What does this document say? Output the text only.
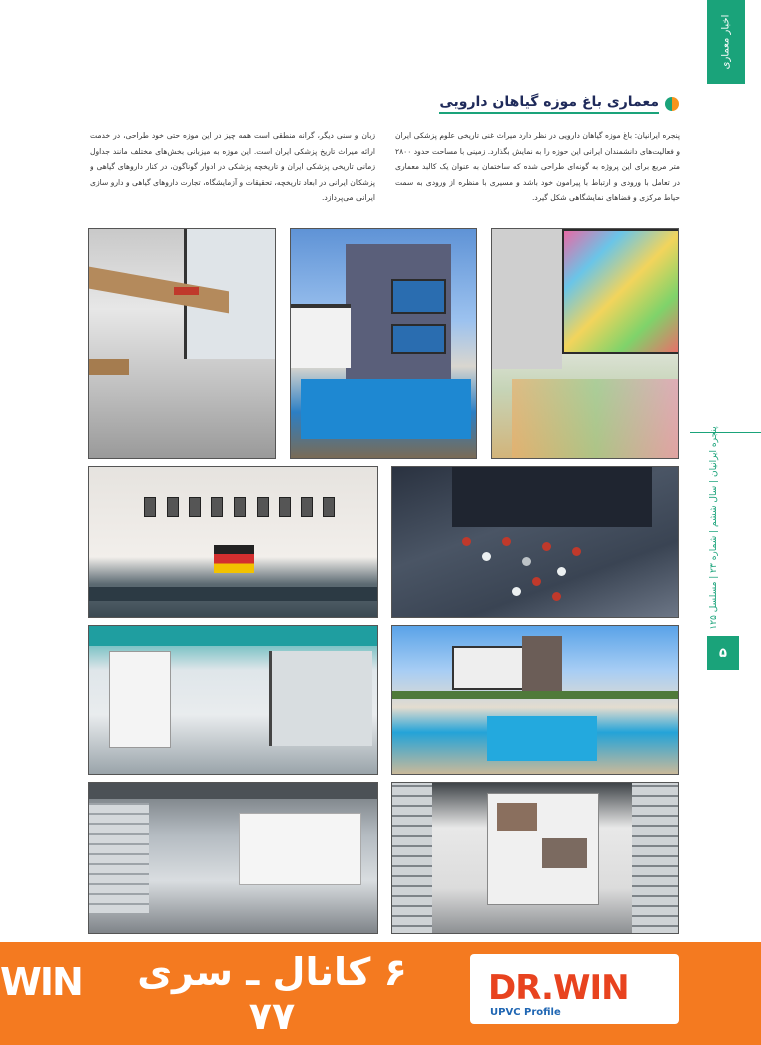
اخبار معماری
پنجره ایرانیان | سال ششم | شماره ۲۳ | مسلسل ۱۲۵
۵
معماری باغ موزه گیاهان دارویی
پنجره ایرانیان: باغ موزه گیاهان دارویی در نظر دارد میراث غنی تاریخی علوم پزشکی ایران و فعالیت‌های دانشمندان ایرانی این حوزه را به نمایش بگذارد. زمینی با مساحت حدود ۲۸۰۰ متر مربع برای این پروژه به گونه‌ای طراحی شده که ساختمان به عنوان یک کالبد معماری در تعامل با ورودی و ارتباط با پیرامون خود باشد و مسیری با منظره از ورودی به سمت حیاط مرکزی و فضاهای نمایشگاهی شکل گیرد.
زبان و سنی دیگر، گرانه منطقی است همه چیز در این موزه حتی خود طراحی، در خدمت ارائه میراث تاریخ پزشکی ایران است. این موزه به میزبانی بخش‌های مختلف مانند جداول زمانی تاریخی پزشکی ایران و تاریخچه پزشکی در ادوار گوناگون، در کنار داروهای گیاهی و پزشکان ایرانی در ابعاد تاریخچه، تحقیقات و آزمایشگاه، تجارت داروهای گیاهی و دارو سازی ایرانی می‌پردازد.
WIN	۶ کانال ـ سری ۷۷
DR.WIN
UPVC Profile
